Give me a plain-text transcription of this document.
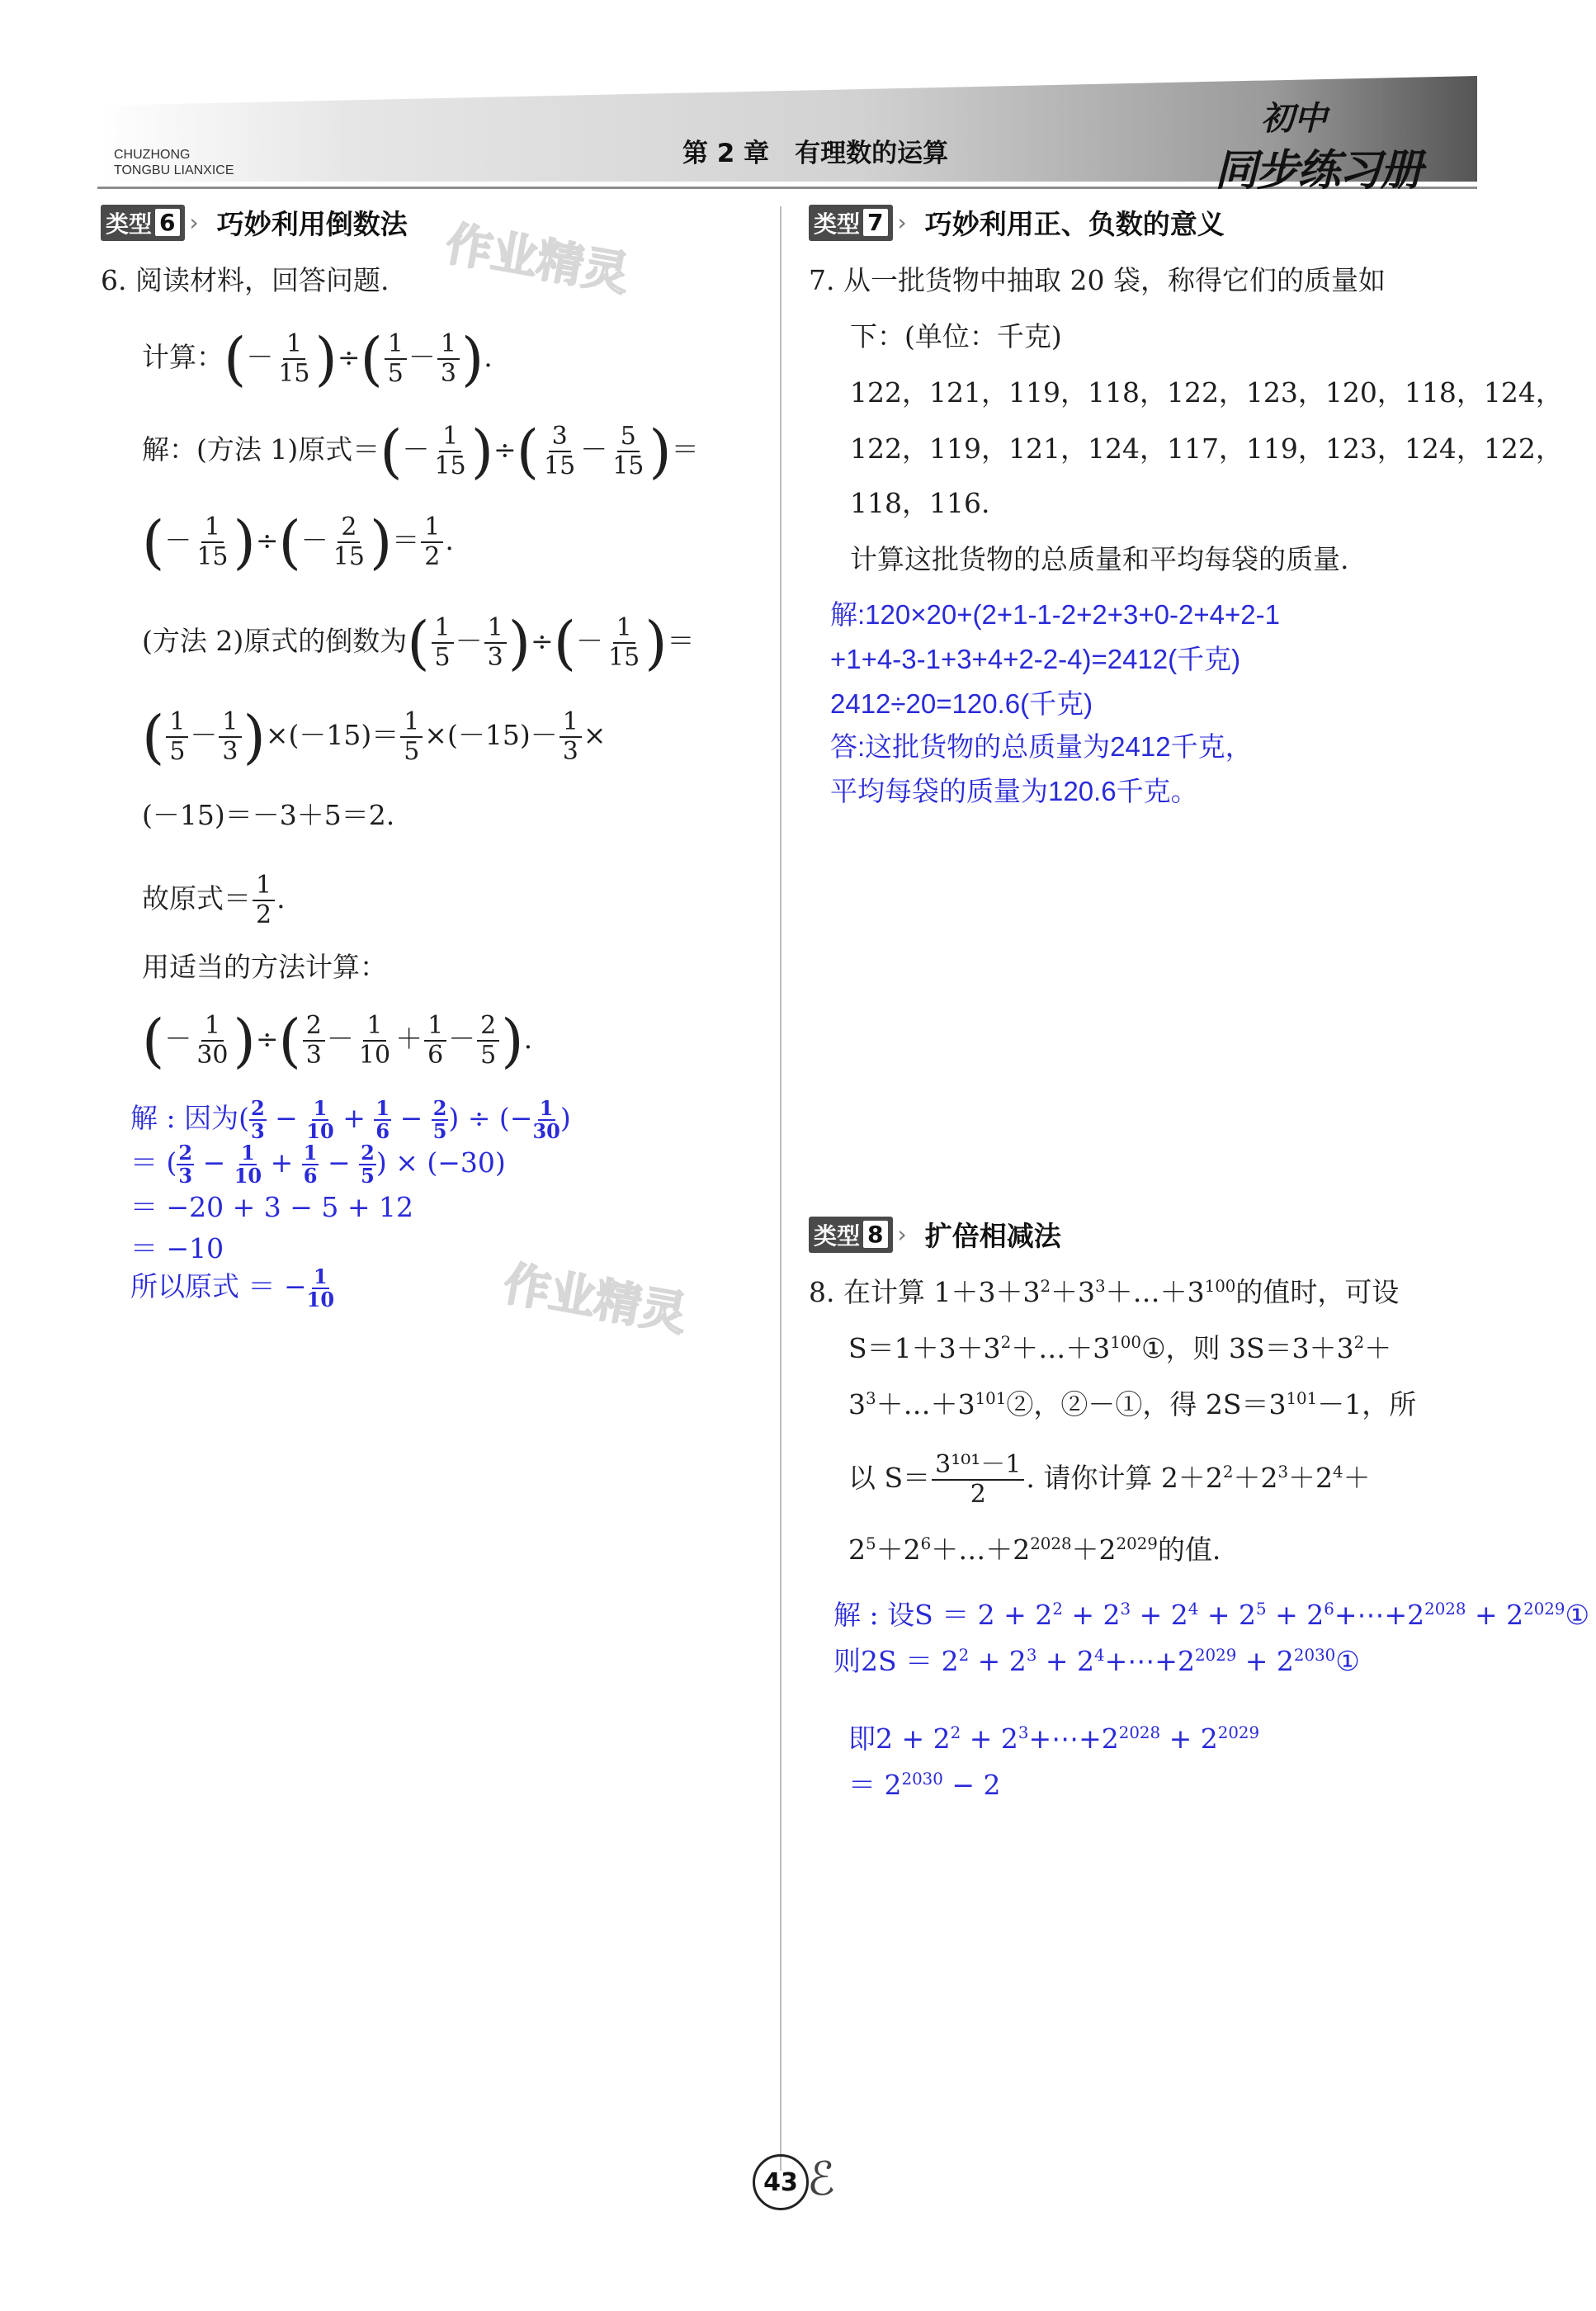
CHUZHONG
TONGBU LIANXICE
第 2 章　有理数的运算
初中
同步练习册
作业精灵
作业精灵
类型 6 › 巧妙利用倒数法
6. 阅读材料，回答问题.
计算：(－ $\frac{1}{15}$ )÷( $\frac{1}{5} - \frac{1}{3}$ ).
解：(方法 1)原式＝(－ $\frac{1}{15}$ )÷( $\frac{3}{15} - \frac{5}{15}$ )＝
(－ $\frac{1}{15}$ )÷(－ $\frac{2}{15}$ )＝ $\frac{1}{2}$ .
(方法 2)原式的倒数为( $\frac{1}{5} - \frac{1}{3}$ )÷(－ $\frac{1}{15}$ )＝
( $\frac{1}{5} - \frac{1}{3} )\times(-15)= \frac{1}{5} \times(-15)- \frac{1}{3}$ ×
(－15)＝－3＋5＝2.
故原式＝ $\frac{1}{2}$ .
用适当的方法计算：
(－ $\frac{1}{30}$ )÷( $\frac{2}{3} - \frac{1}{10} + \frac{1}{6} - \frac{2}{5}$ ).
解 : 因为( $\frac{2}{3} - \frac{1}{10} + \frac{1}{6} - \frac{2}{5}$ ) ÷ (− $\frac{1}{30}$ )
＝ ( $\frac{2}{3} - \frac{1}{10} + \frac{1}{6} - \frac{2}{5}$ ) × (−30)
＝ −20 + 3 − 5 + 12
＝ −10
所以原式 ＝ − $\frac{1}{10}$
类型 7 › 巧妙利用正、负数的意义
7. 从一批货物中抽取 20 袋，称得它们的质量如
下：(单位：千克)
122，121，119，118，122，123，120，118，124，
122，119，121，124，117，119，123，124，122，
118，116.
计算这批货物的总质量和平均每袋的质量.
解:120×20+(2+1-1-2+2+3+0-2+4+2-1
+1+4-3-1+3+4+2-2-4)=2412(千克)
2412÷20=120.6(千克)
答:这批货物的总质量为2412千克，
平均每袋的质量为120.6千克。
类型 8 › 扩倍相减法
8. 在计算 $1+3+3^2+3^3+\dots+3^{100}$的值时，可设
$S=1+3+3^2+\dots+3^{100}①$，则 $3S=3+3^2+$
$3^3+\dots+3^{101}②$，②－①，得 $2S=3^{101}-1$，所
以 $S= \frac{\text{3¹⁰¹－1}}{2}$ . 请你计算 $2+2^2+2^3+2^4+$
$2^5+2^6+\dots+2^{2028}+2^{2029}$的值.
解 : 设$S = 2 + 2^2 + 2^3 + 2^4 + 2^5$ + $2^6+\cdots+2^{2028}$ + $2^{2029}①$
则$2S = 2^2 + 2^3$ + $2^4+\cdots+2^{2029}$ + $2^{2030}①$
即$2 + 2^2$ + $2^3+\cdots+2^{2028} + 2^{2029}$
＝ $2^{2030} - 2$
43 ℰ
